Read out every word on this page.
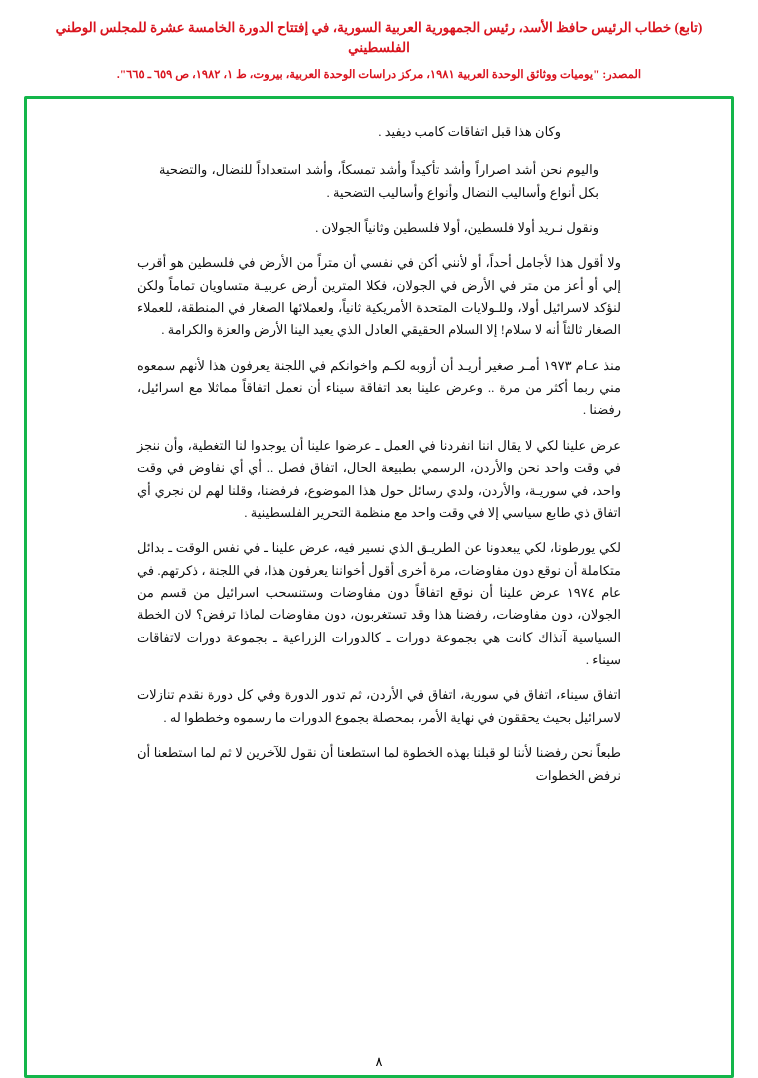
(تابع) خطاب الرئيس حافظ الأسد، رئيس الجمهورية العربية السورية، في إفتتاح الدورة الخامسة عشرة للمجلس الوطني الفلسطيني
المصدر: "يوميات ووثائق الوحدة العربية ١٩٨١، مركز دراسات الوحدة العربية، بيروت، ط ١، ١٩٨٢، ص ٦٥٩ ـ ٦٦٥".

وكان هذا قبل اتفاقات كامب ديفيد .

واليوم نحن أشد اصراراً وأشد تأكيداً وأشد تمسكاً، وأشد استعداداً للنضال، والتضحية بكل أنواع وأساليب النضال وأنواع وأساليب التضحية .

ونقول نـريد أولا فلسطين، أولا فلسطين وثانياً الجولان .

ولا أقول هذا لأجامل أحداً، أو لأنني أكن في نفسي أن متراً من الأرض في فلسطين هو أقرب إلي أو أعز من متر في الأرض في الجولان، فكلا المترين أرض عربيـة متساويان تماماً ولكن لنؤكد لاسرائيل أولا، وللـولايات المتحدة الأمريكية ثانياً، ولعملائها الصغار في المنطقة، للعملاء الصغار ثالثاً أنه لا سلام! إلا السلام الحقيقي العادل الذي يعيد الينا الأرض والعزة والكرامة .

منذ عـام ١٩٧٣ أمـر صغير أريـد أن أزوبه لكـم واخوانكم في اللجنة يعرفون هذا لأنهم سمعوه مني ربما أكثر من مرة .. وعرض علينا بعد اتفاقة سيناء أن نعمل اتفاقاً مماثلا مع اسرائيل، رفضنا .

عرض علينا لكي لا يقال اننا انفردنا في العمل ـ عرضوا علينا أن يوجدوا لنا التغطية، وأن ننجز في وقت واحد نحن والأردن، الرسمي بطبيعة الحال، اتفاق فصل .. أي أي نفاوض في وقت واحد، في سوريـة، والأردن، ولدي رسائل حول هذا الموضوع، فرفضنا، وقلنا لهم لن نجري أي اتفاق ذي طابع سياسي إلا في وقت واحد مع منظمة التحرير الفلسطينية .

لكي يورطونا، لكي يبعدونا عن الطريـق الذي نسير فيه، عرض علينا ـ في نفس الوقت ـ بدائل متكاملة أن نوقع دون مفاوضات، مرة أخرى أقول أخواننا يعرفون هذا، في اللجنة ، ذكرتهم. في عام ١٩٧٤ عرض علينا أن نوقع اتفاقاً دون مفاوضات وستنسحب اسرائيل من قسم من الجولان، دون مفاوضات، رفضنا هذا وقد تستغربون، دون مفاوضات لماذا ترفض؟ لان الخطة السياسية آنذاك كانت هي بجموعة دورات ـ كالدورات الزراعية ـ بجموعة دورات لاتفاقات سيناء .

اتفاق سيناء، اتفاق في سورية، اتفاق في الأردن، ثم تدور الدورة وفي كل دورة نقدم تنازلات لاسرائيل بحيث يحققون في نهاية الأمر، بمحصلة بجموع الدورات ما رسموه وخططوا له .

طبعاً نحن رفضنا لأننا لو قبلنا بهذه الخطوة لما استطعنا أن نقول للآخرين لا ثم لما استطعنا أن نرفض الخطوات

٨
